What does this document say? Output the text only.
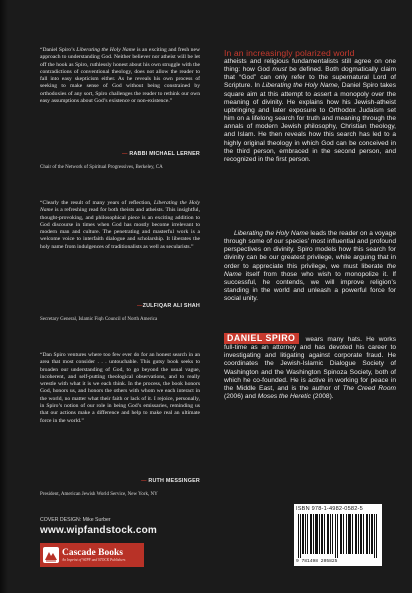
“Daniel Spiro’s Liberating the Holy Name is an exciting and fresh new approach to understanding God. Neither believer nor atheist will be let off the hook as Spiro, ruthlessly honest about his own struggle with the contradictions of conventional theology, does not allow the reader to fall into easy skepticism either. As he reveals his own process of seeking to make sense of God without being constrained by orthodoxies of any sort, Spiro challenges the reader to rethink our own easy assumptions about God’s existence or non-existence.”

— RABBI MICHAEL LERNER
Chair of the Network of Spiritual Progressives, Berkeley, CA

“Clearly the result of many years of reflection, Liberating the Holy Name is a refreshing read for both theists and atheists. This insightful, thought-provoking, and philosophical piece is an exciting addition to God discourse in times when God has mostly become irrelevant to modern man and culture. The penetrating and masterful work is a welcome voice to interfaith dialogue and scholarship. It liberates the holy name from indulgences of traditionalists as well as secularists.”

—ZULFIQAR ALI SHAH
Secretary General, Islamic Fiqh Council of North America

“Dan Spiro ventures where too few ever do for an honest search in an area that most consider . . . untouchable. This gutsy book seeks to broaden our understanding of God, to go beyond the usual vague, incoherent, and self-putting theological observations, and to really wrestle with what it is we each think. In the process, the book honors God, honors us, and honors the others with whom we each interact in the world, no matter what their faith or lack of it. I rejoice, personally, in Spiro’s notion of our role in being God’s emissaries, reminding us that our actions make a difference and help to make real an ultimate force in the world.”

— RUTH MESSINGER
President, American Jewish World Service, New York, NY
COVER DESIGN: Mike Surber
www.wipfandstock.com
Cascade Books
An Imprint of WIPF and STOCK Publishers
In an increasingly polarized world
atheists and religious fundamentalists still agree on one thing: how God must be defined. Both dogmatically claim that “God” can only refer to the supernatural Lord of Scripture. In Liberating the Holy Name, Daniel Spiro takes square aim at this attempt to assert a monopoly over the meaning of divinity. He explains how his Jewish-atheist upbringing and later exposure to Orthodox Judaism set him on a lifelong search for truth and meaning through the annals of modern Jewish philosophy, Christian theology, and Islam. He then reveals how this search has led to a highly original theology in which God can be conceived in the third person, embraced in the second person, and recognized in the first person.
Liberating the Holy Name leads the reader on a voyage through some of our species’ most influential and profound perspectives on divinity. Spiro models how this search for divinity can be our greatest privilege, while arguing that in order to appreciate this privilege, we must liberate the Name itself from those who wish to monopolize it. If successful, he contends, we will improve religion’s standing in the world and unleash a powerful force for social unity.
DANIEL SPIRO wears many hats. He works full-time as an attorney and has devoted his career to investigating and litigating against corporate fraud. He coordinates the Jewish-Islamic Dialogue Society of Washington and the Washington Spinoza Society, both of which he co-founded. He is active in working for peace in the Middle East, and is the author of The Creed Room (2006) and Moses the Heretic (2008).
ISBN 978-1-4982-0582-5
9 781498 205825
